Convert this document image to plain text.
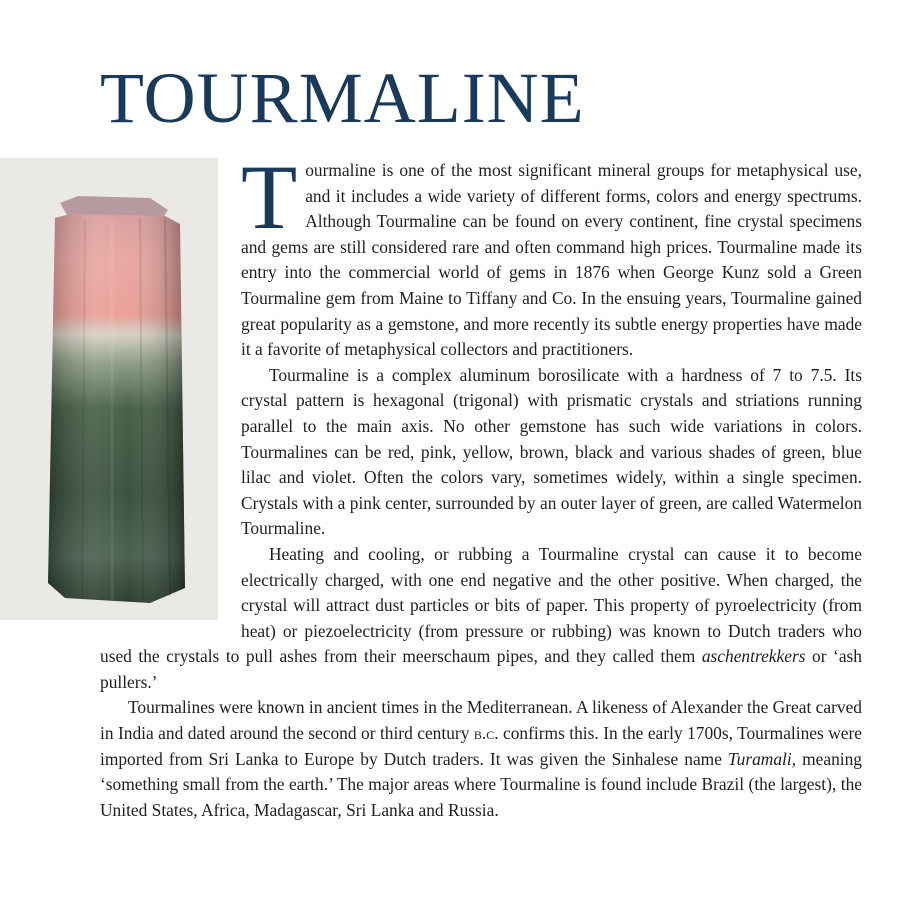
TOURMALINE

Tourmaline is one of the most significant mineral groups for metaphysical use, and it includes a wide variety of different forms, colors and energy spectrums. Although Tourmaline can be found on every continent, fine crystal specimens and gems are still considered rare and often command high prices. Tourmaline made its entry into the commercial world of gems in 1876 when George Kunz sold a Green Tourmaline gem from Maine to Tiffany and Co. In the ensuing years, Tourmaline gained great popularity as a gemstone, and more recently its subtle energy properties have made it a favorite of metaphysical collectors and practitioners.

Tourmaline is a complex aluminum borosilicate with a hardness of 7 to 7.5. Its crystal pattern is hexagonal (trigonal) with prismatic crystals and striations running parallel to the main axis. No other gemstone has such wide variations in colors. Tourmalines can be red, pink, yellow, brown, black and various shades of green, blue lilac and violet. Often the colors vary, sometimes widely, within a single specimen. Crystals with a pink center, surrounded by an outer layer of green, are called Watermelon Tourmaline.

Heating and cooling, or rubbing a Tourmaline crystal can cause it to become electrically charged, with one end negative and the other positive. When charged, the crystal will attract dust particles or bits of paper. This property of pyroelectricity (from heat) or piezoelectricity (from pressure or rubbing) was known to Dutch traders who used the crystals to pull ashes from their meerschaum pipes, and they called them aschentrekkers or ‘ash pullers.’

Tourmalines were known in ancient times in the Mediterranean. A likeness of Alexander the Great carved in India and dated around the second or third century b.c. confirms this. In the early 1700s, Tourmalines were imported from Sri Lanka to Europe by Dutch traders. It was given the Sinhalese name Turamali, meaning ‘something small from the earth.’ The major areas where Tourmaline is found include Brazil (the largest), the United States, Africa, Madagascar, Sri Lanka and Russia.
